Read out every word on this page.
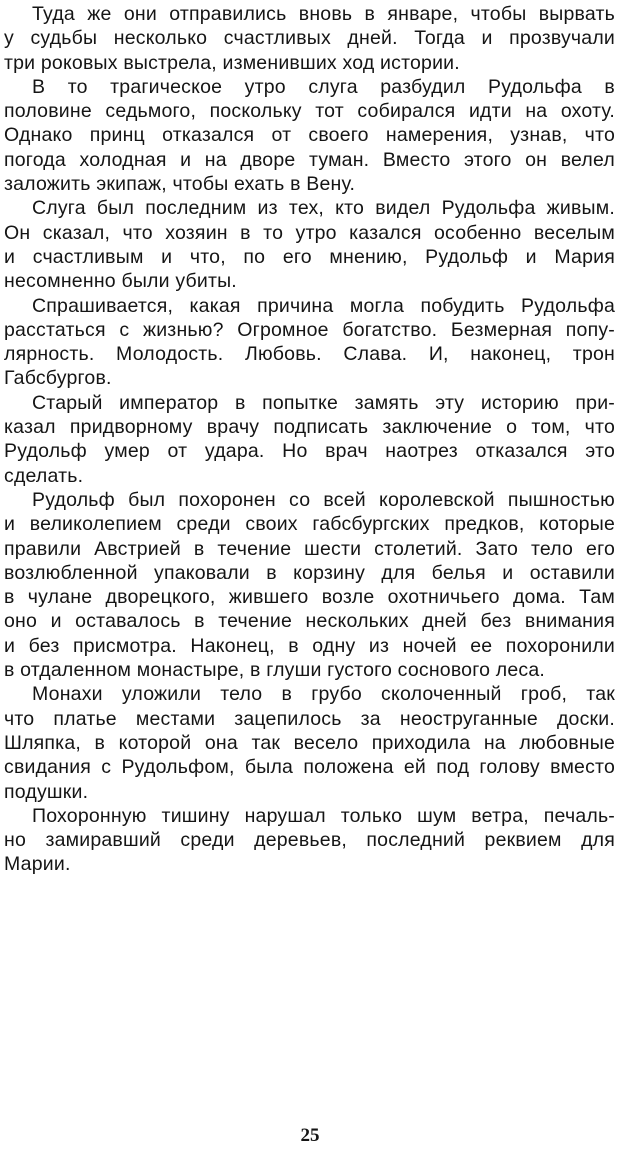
Туда же они отправились вновь в январе, чтобы вырвать
у судьбы несколько счастливых дней. Тогда и прозвучали
три роковых выстрела, изменивших ход истории.
В то трагическое утро слуга разбудил Рудольфа в
половине седьмого, поскольку тот собирался идти на охоту.
Однако принц отказался от своего намерения, узнав, что
погода холодная и на дворе туман. Вместо этого он велел
заложить экипаж, чтобы ехать в Вену.
Слуга был последним из тех, кто видел Рудольфа живым.
Он сказал, что хозяин в то утро казался особенно веселым
и счастливым и что, по его мнению, Рудольф и Мария
несомненно были убиты.
Спрашивается, какая причина могла побудить Рудольфа
расстаться с жизнью? Огромное богатство. Безмерная попу-
лярность. Молодость. Любовь. Слава. И, наконец, трон
Габсбургов.
Старый император в попытке замять эту историю при-
казал придворному врачу подписать заключение о том, что
Рудольф умер от удара. Но врач наотрез отказался это
сделать.
Рудольф был похоронен со всей королевской пышностью
и великолепием среди своих габсбургских предков, которые
правили Австрией в течение шести столетий. Зато тело его
возлюбленной упаковали в корзину для белья и оставили
в чулане дворецкого, жившего возле охотничьего дома. Там
оно и оставалось в течение нескольких дней без внимания
и без присмотра. Наконец, в одну из ночей ее похоронили
в отдаленном монастыре, в глуши густого соснового леса.
Монахи уложили тело в грубо сколоченный гроб, так
что платье местами зацепилось за неоструганные доски.
Шляпка, в которой она так весело приходила на любовные
свидания с Рудольфом, была положена ей под голову вместо
подушки.
Похоронную тишину нарушал только шум ветра, печаль-
но замиравший среди деревьев, последний реквием для
Марии.
25
